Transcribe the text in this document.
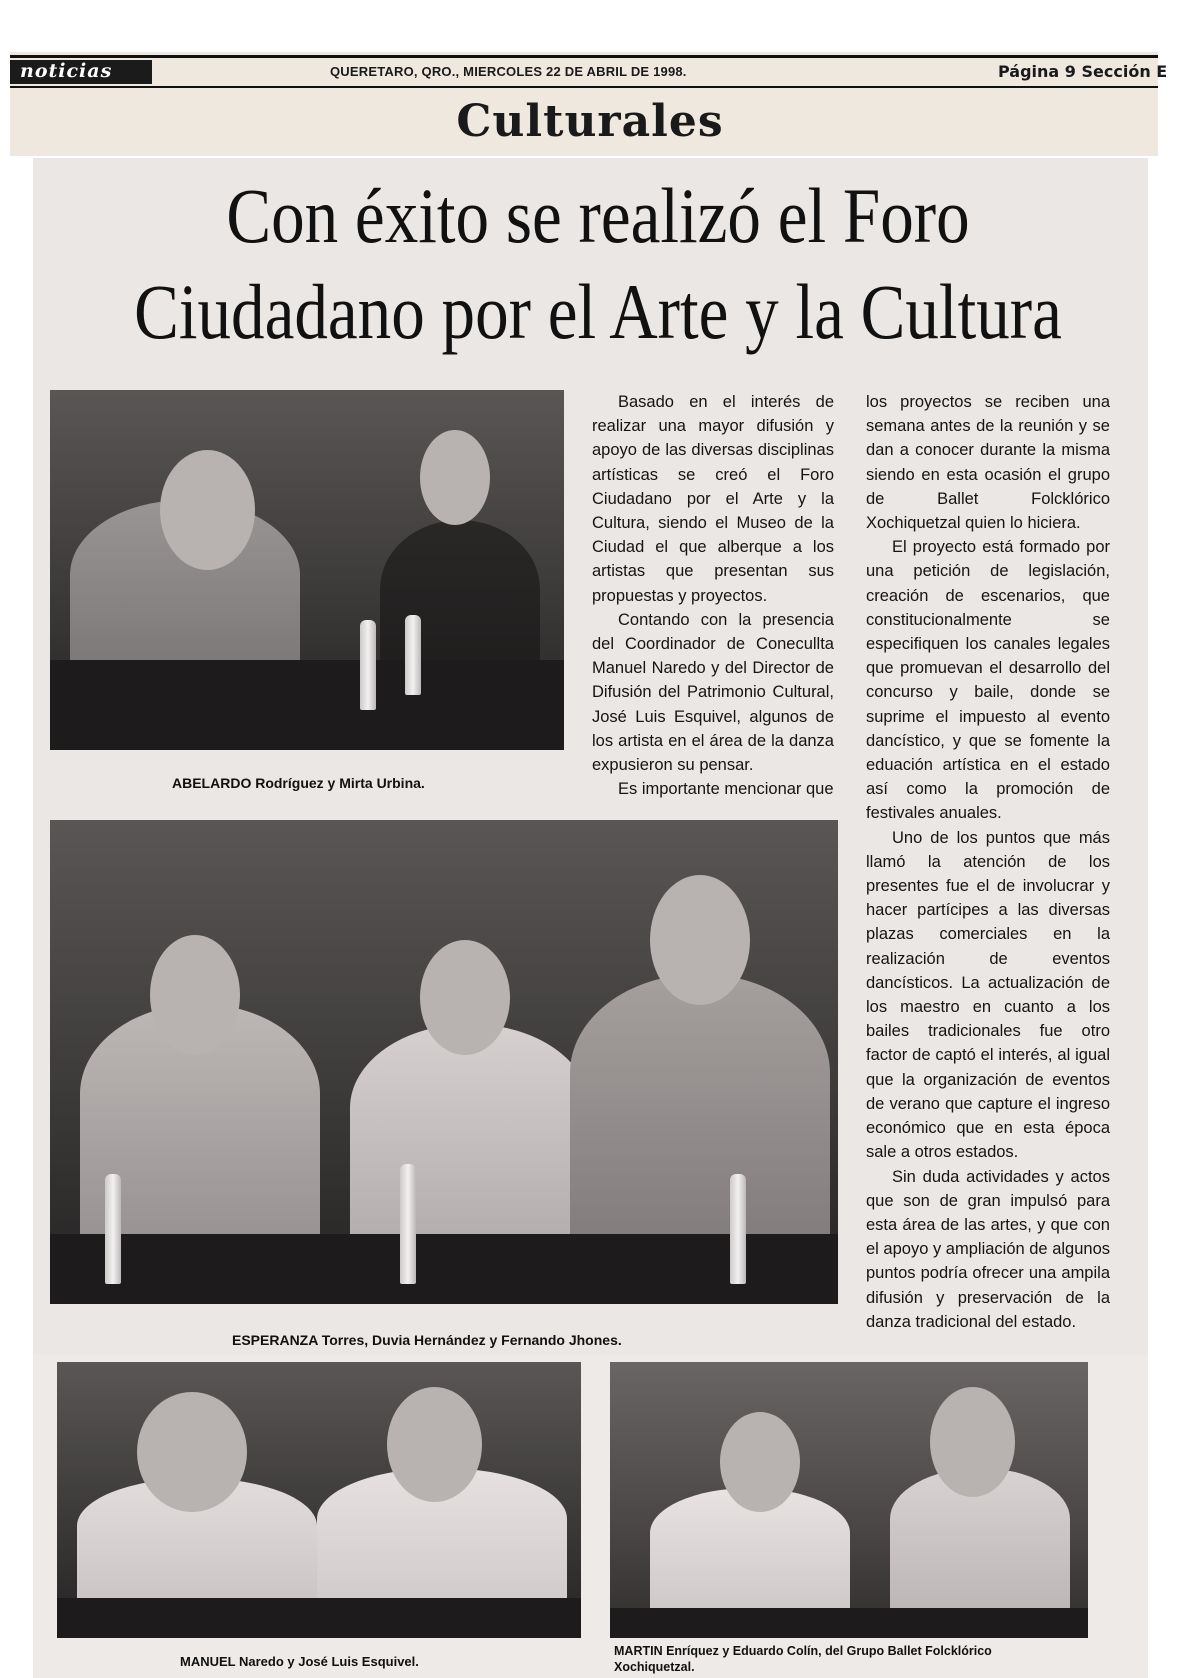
noticias	QUERETARO, QRO., MIERCOLES 22 DE ABRIL DE 1998.	Página 9 Sección E
Culturales
Con éxito se realizó el Foro
Ciudadano por el Arte y la Cultura
ABELARDO Rodríguez y Mirta Urbina.
ESPERANZA Torres, Duvia Hernández y Fernando Jhones.
MANUEL Naredo y José Luis Esquivel.
MARTIN Enríquez y Eduardo Colín, del Grupo Ballet Folcklórico
Xochiquetzal.

Basado en el interés de realizar una mayor difusión y apoyo de las diversas disciplinas artísticas se creó el Foro Ciudadano por el Arte y la Cultura, siendo el Museo de la Ciudad el que alberque a los artistas que presentan sus propuestas y proyectos.

Contando con la presencia del Coordinador de Conecullta Manuel Naredo y del Director de Difusión del Patrimonio Cultural, José Luis Esquivel, algunos de los artista en el área de la danza expusieron su pensar.

Es importante mencionar que

los proyectos se reciben una semana antes de la reunión y se dan a conocer durante la misma siendo en esta ocasión el grupo de Ballet Folcklórico Xochiquetzal quien lo hiciera.

El proyecto está formado por una petición de legislación, creación de escenarios, que constitucionalmente se especifiquen los canales legales que promuevan el desarrollo del concurso y baile, donde se suprime el impuesto al evento dancístico, y que se fomente la eduación artística en el estado así como la promoción de festivales anuales.

Uno de los puntos que más llamó la atención de los presentes fue el de involucrar y hacer partícipes a las diversas plazas comerciales en la realización de eventos dancísticos. La actualización de los maestro en cuanto a los bailes tradicionales fue otro factor de captó el interés, al igual que la organización de eventos de verano que capture el ingreso económico que en esta época sale a otros estados.

Sin duda actividades y actos que son de gran impulsó para esta área de las artes, y que con el apoyo y ampliación de algunos puntos podría ofrecer una ampila difusión y preservación de la danza tradicional del estado.
